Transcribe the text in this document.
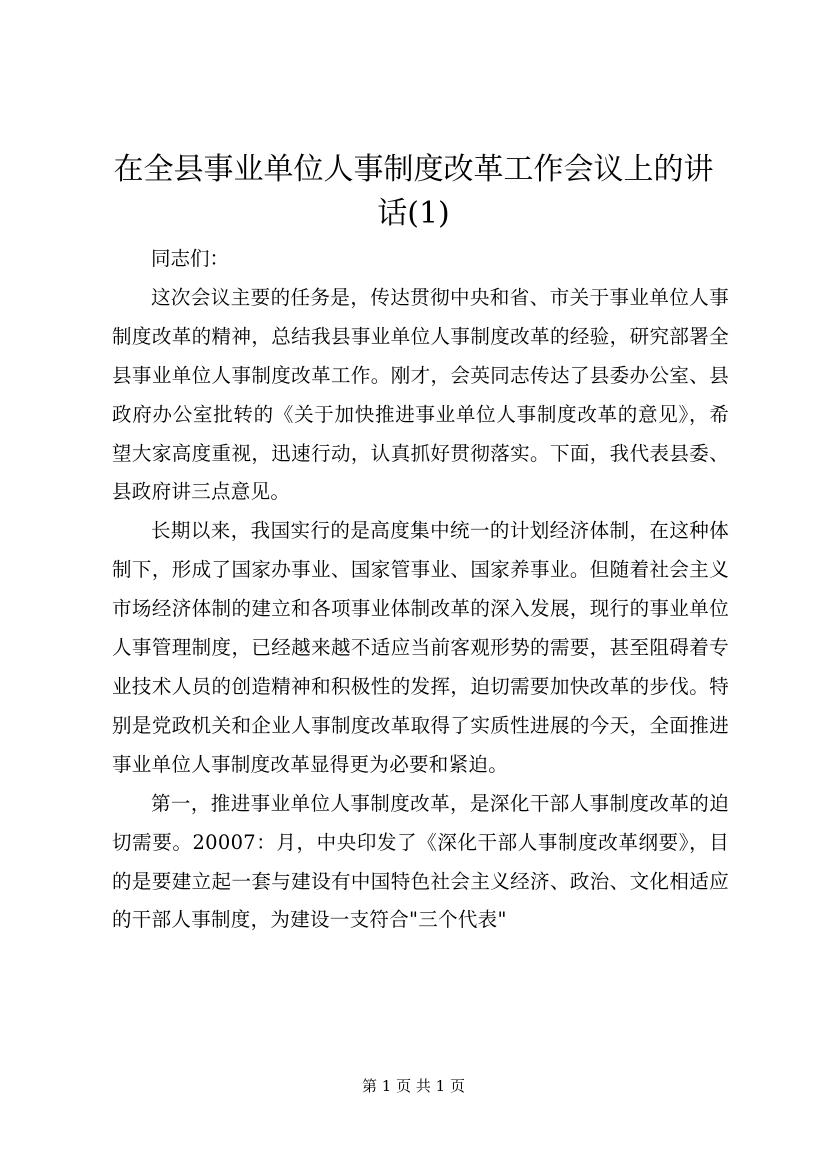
在全县事业单位人事制度改革工作会议上的讲话(1)

同志们：

这次会议主要的任务是，传达贯彻中央和省、市关于事业单位人事制度改革的精神，总结我县事业单位人事制度改革的经验，研究部署全县事业单位人事制度改革工作。刚才，会英同志传达了县委办公室、县政府办公室批转的《关于加快推进事业单位人事制度改革的意见》，希望大家高度重视，迅速行动，认真抓好贯彻落实。下面，我代表县委、县政府讲三点意见。

长期以来，我国实行的是高度集中统一的计划经济体制，在这种体制下，形成了国家办事业、国家管事业、国家养事业。但随着社会主义市场经济体制的建立和各项事业体制改革的深入发展，现行的事业单位人事管理制度，已经越来越不适应当前客观形势的需要，甚至阻碍着专业技术人员的创造精神和积极性的发挥，迫切需要加快改革的步伐。特别是党政机关和企业人事制度改革取得了实质性进展的今天，全面推进事业单位人事制度改革显得更为必要和紧迫。

第一，推进事业单位人事制度改革，是深化干部人事制度改革的迫切需要。20007：月，中央印发了《深化干部人事制度改革纲要》，目的是要建立起一套与建设有中国特色社会主义经济、政治、文化相适应的干部人事制度，为建设一支符合"三个代表"

第 1 页 共 1 页
